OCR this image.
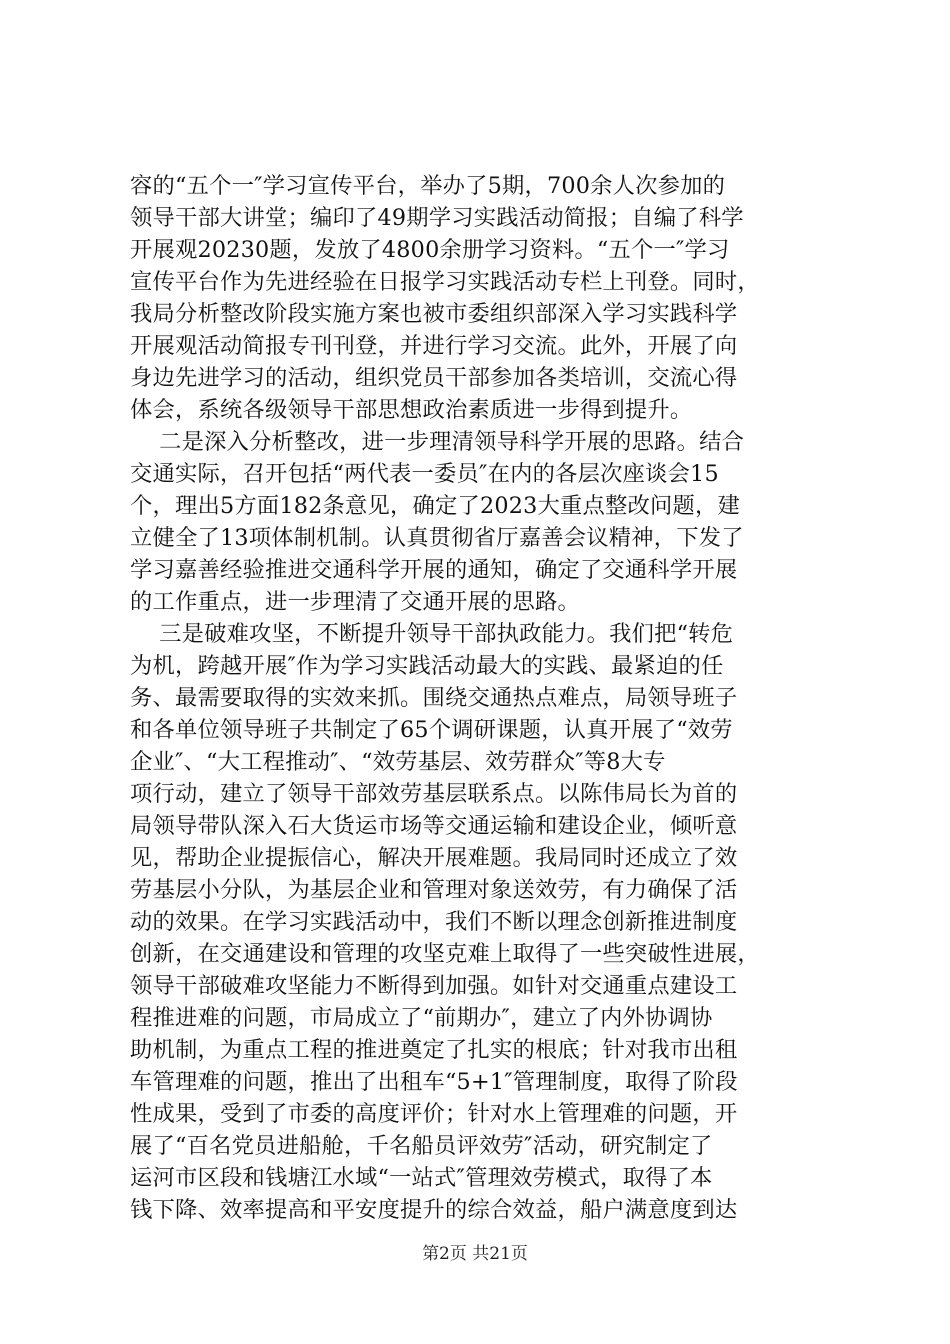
容的“五个一″学习宣传平台，举办了5期，700余人次参加的
领导干部大讲堂；编印了49期学习实践活动简报；自编了科学
开展观20230题，发放了4800余册学习资料。“五个一″学习
宣传平台作为先进经验在日报学习实践活动专栏上刊登。同时，
我局分析整改阶段实施方案也被市委组织部深入学习实践科学
开展观活动简报专刊刊登，并进行学习交流。此外，开展了向
身边先进学习的活动，组织党员干部参加各类培训，交流心得
体会，系统各级领导干部思想政治素质进一步得到提升。
二是深入分析整改，进一步理清领导科学开展的思路。结合
交通实际，召开包括“两代表一委员″在内的各层次座谈会15
个，理出5方面182条意见，确定了2023大重点整改问题，建
立健全了13项体制机制。认真贯彻省厅嘉善会议精神，下发了
学习嘉善经验推进交通科学开展的通知，确定了交通科学开展
的工作重点，进一步理清了交通开展的思路。
三是破难攻坚，不断提升领导干部执政能力。我们把“转危
为机，跨越开展″作为学习实践活动最大的实践、最紧迫的任
务、最需要取得的实效来抓。围绕交通热点难点，局领导班子
和各单位领导班子共制定了65个调研课题，认真开展了“效劳
企业″、“大工程推动″、“效劳基层、效劳群众″等8大专
项行动，建立了领导干部效劳基层联系点。以陈伟局长为首的
局领导带队深入石大货运市场等交通运输和建设企业，倾听意
见，帮助企业提振信心，解决开展难题。我局同时还成立了效
劳基层小分队，为基层企业和管理对象送效劳，有力确保了活
动的效果。在学习实践活动中，我们不断以理念创新推进制度
创新，在交通建设和管理的攻坚克难上取得了一些突破性进展，
领导干部破难攻坚能力不断得到加强。如针对交通重点建设工
程推进难的问题，市局成立了“前期办″，建立了内外协调协
助机制，为重点工程的推进奠定了扎实的根底；针对我市出租
车管理难的问题，推出了出租车“5+1″管理制度，取得了阶段
性成果，受到了市委的高度评价；针对水上管理难的问题，开
展了“百名党员进船舱，千名船员评效劳″活动，研究制定了
运河市区段和钱塘江水域“一站式″管理效劳模式，取得了本
钱下降、效率提高和平安度提升的综合效益，船户满意度到达
第2页 共21页
